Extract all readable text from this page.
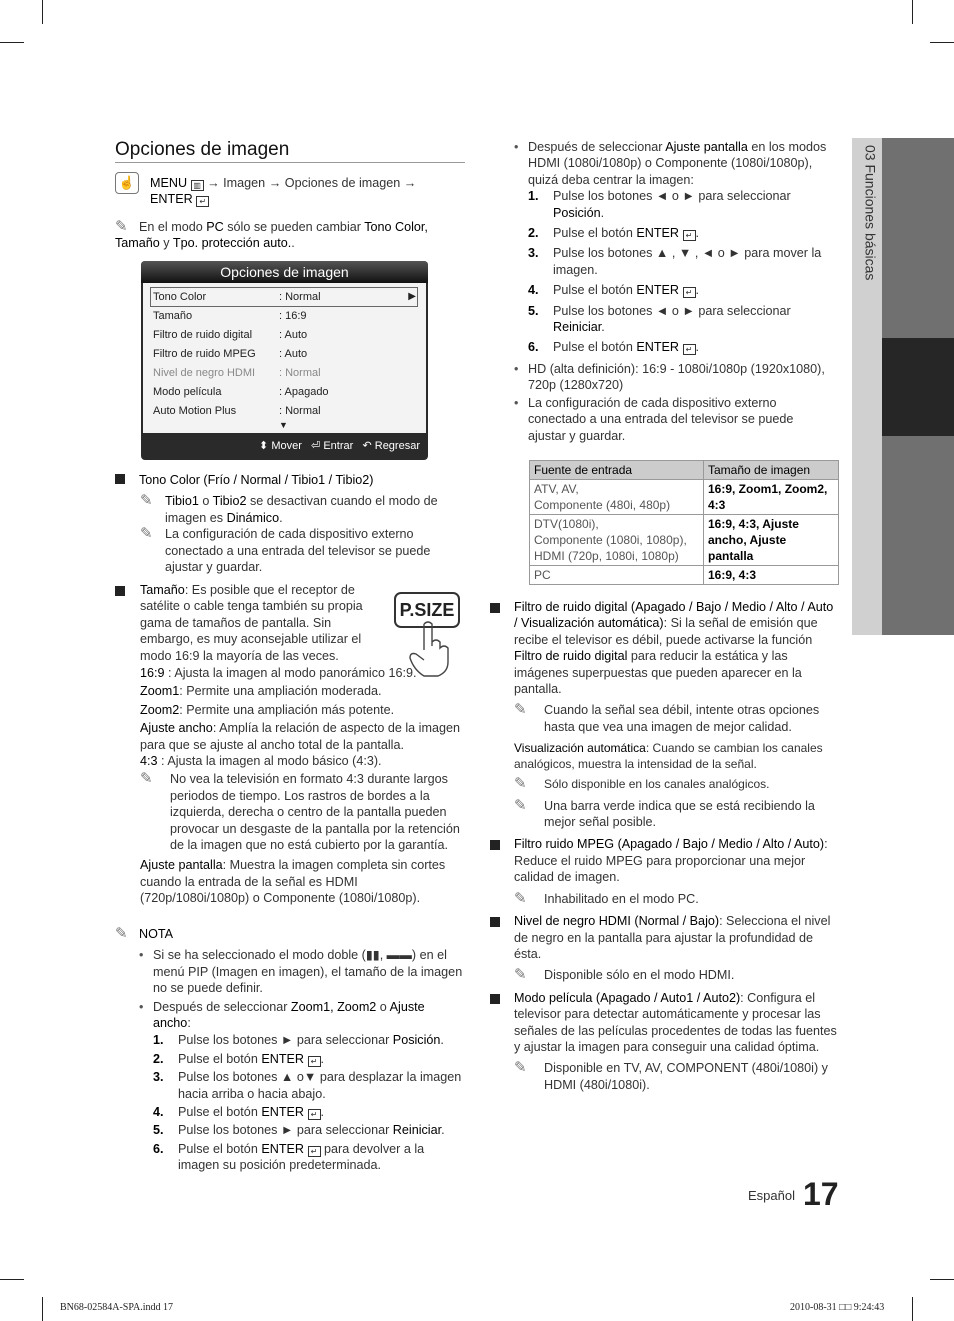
Opciones de imagen
☝	MENU ▥ → Imagen → Opciones de imagen →
ENTER ↵
✎ En el modo PC sólo se pueden cambiar Tono Color,
Tamaño y Tpo. protección auto..
Opciones de imagen
Tono Color	: Normal	▶
Tamaño	: 16:9
Filtro de ruido digital : Auto
Filtro de ruido MPEG : Auto
Nivel de negro HDMI : Normal
Modo película	: Apagado
Auto Motion Plus	: Normal
▼
⬍ Mover ⏎ Entrar ↶ Regresar

Tono Color (Frío / Normal / Tibio1 / Tibio2)

✎ Tibio1 o Tibio2 se desactivan cuando el modo de imagen es Dinámico.

✎ La configuración de cada dispositivo externo conectado a una entrada del televisor se puede ajustar y guardar.

Tamaño: Es posible que el receptor de satélite o cable tenga también su propia gama de tamaños de pantalla. Sin embargo, es muy aconsejable utilizar el modo 16:9 la mayoría de las veces.

P.SIZE

16:9 : Ajusta la imagen al modo panorámico 16:9.

Zoom1: Permite una ampliación moderada.

Zoom2: Permite una ampliación más potente.

Ajuste ancho: Amplía la relación de aspecto de la imagen para que se ajuste al ancho total de la pantalla.

4:3 : Ajusta la imagen al modo básico (4:3).

✎	No vea la televisión en formato 4:3 durante largos periodos de tiempo. Los rastros de bordes a la izquierda, derecha o centro de la pantalla pueden provocar un desgaste de la pantalla por la retención de la imagen que no está cubierto por la garantía.

Ajuste pantalla: Muestra la imagen completa sin cortes cuando la entrada de la señal es HDMI (720p/1080i/1080p) o Componente (1080i/1080p).

✎ NOTA

• Si se ha seleccionado el modo doble (▮▮, ▬▬) en el menú PIP (Imagen en imagen), el tamaño de la imagen no se puede definir.
• Después de seleccionar Zoom1, Zoom2 o Ajuste ancho:
1. Pulse los botones ► para seleccionar Posición.
2. Pulse el botón ENTER ↵ .
3. Pulse los botones ▲ o▼ para desplazar la imagen hacia arriba o hacia abajo.
4. Pulse el botón ENTER ↵ .
5. Pulse los botones ► para seleccionar Reiniciar.
6. Pulse el botón ENTER ↵ para devolver a la imagen su posición predeterminada.
• Después de seleccionar Ajuste pantalla en los modos HDMI (1080i/1080p) o Componente (1080i/1080p), quizá deba centrar la imagen:
1. Pulse los botones ◄ o ► para seleccionar Posición.
2. Pulse el botón ENTER ↵ .
3. Pulse los botones ▲ , ▼ , ◄ o ► para mover la imagen.
4. Pulse el botón ENTER ↵ .
5. Pulse los botones ◄ o ► para seleccionar Reiniciar.
6. Pulse el botón ENTER ↵ .
• HD (alta definición): 16:9 - 1080i/1080p (1920x1080), 720p (1280x720)
• La configuración de cada dispositivo externo conectado a una entrada del televisor se puede ajustar y guardar.
Fuente de entrada	Tamaño de imagen
ATV, AV,
Componente (480i, 480p)	16:9, Zoom1, Zoom2, 4:3
DTV(1080i),
Componente (1080i, 1080p),
HDMI (720p, 1080i, 1080p)	16:9, 4:3, Ajuste ancho, Ajuste pantalla
PC	16:9, 4:3

Filtro de ruido digital (Apagado / Bajo / Medio / Alto / Auto / Visualización automática): Si la señal de emisión que recibe el televisor es débil, puede activarse la función Filtro de ruido digital para reducir la estática y las imágenes superpuestas que pueden aparecer en la pantalla.

✎	Cuando la señal sea débil, intente otras opciones hasta que vea una imagen de mejor calidad.

Visualización automática: Cuando se cambian los canales analógicos, muestra la intensidad de la señal.

✎	Sólo disponible en los canales analógicos.

✎	Una barra verde indica que se está recibiendo la mejor señal posible.

Filtro ruido MPEG (Apagado / Bajo / Medio / Alto / Auto): Reduce el ruido MPEG para proporcionar una mejor calidad de imagen.

✎	Inhabilitado en el modo PC.

Nivel de negro HDMI (Normal / Bajo): Selecciona el nivel de negro en la pantalla para ajustar la profundidad de ésta.

✎	Disponible sólo en el modo HDMI.

Modo película (Apagado / Auto1 / Auto2): Configura el televisor para detectar automáticamente y procesar las señales de las películas procedentes de todas las fuentes y ajustar la imagen para conseguir una calidad óptima.

✎	Disponible en TV, AV, COMPONENT (480i/1080i) y HDMI (480i/1080i).

03 Funciones básicas
Español 17
BN68-02584A-SPA.indd 17	2010-08-31 □□ 9:24:43
